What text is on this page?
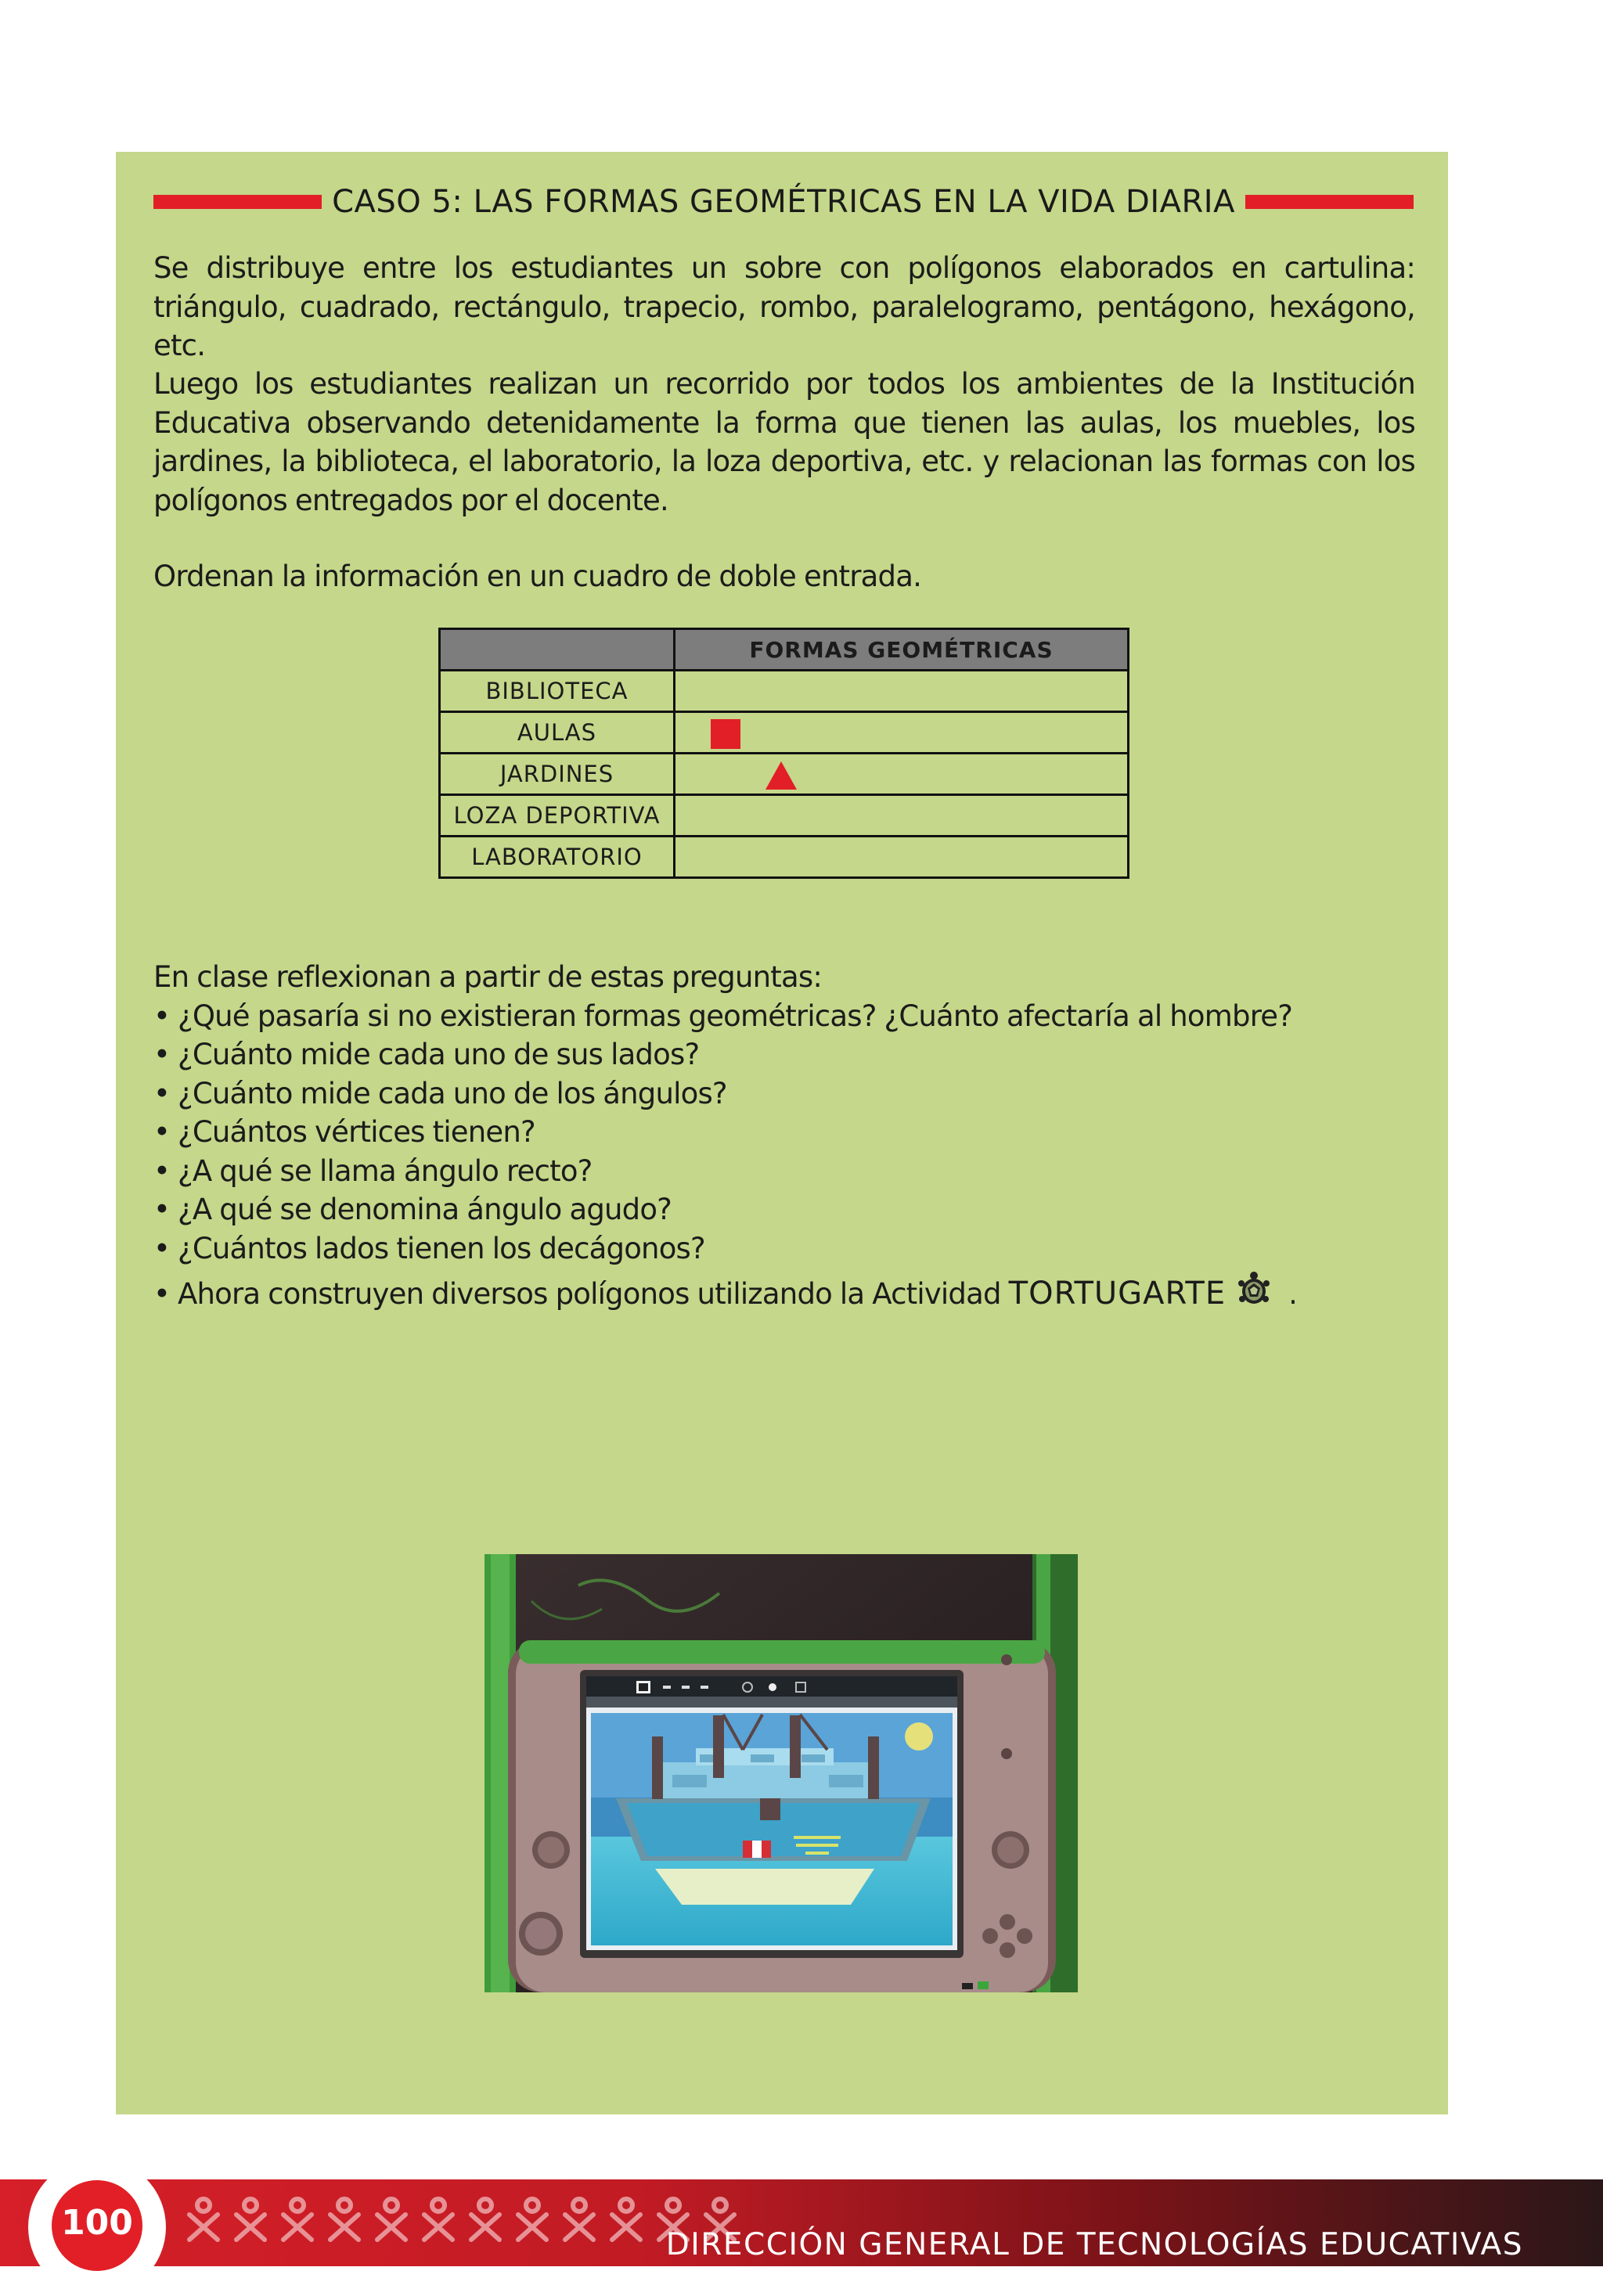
CASO 5: LAS FORMAS GEOMÉTRICAS EN LA VIDA DIARIA

Se distribuye entre los estudiantes un sobre con polígonos elaborados en cartulina: triángulo, cuadrado, rectángulo, trapecio, rombo, paralelogramo, pentágono, hexágono, etc.

Luego los estudiantes realizan un recorrido por todos los ambientes de la Institución Educativa observando detenidamente la forma que tienen las aulas, los muebles, los jardines, la biblioteca, el laboratorio, la loza deportiva, etc. y relacionan las formas con los polígonos entregados por el docente.

Ordenan la información en un cuadro de doble entrada.

	FORMAS GEOMÉTRICAS
BIBLIOTECA	
AULAS	

JARDINES	

LOZA DEPORTIVA	
LABORATORIO	
En clase reflexionan a partir de estas preguntas:
• ¿Qué pasaría si no existieran formas geométricas? ¿Cuánto afectaría al hombre?
• ¿Cuánto mide cada uno de sus lados?
• ¿Cuánto mide cada uno de los ángulos?
• ¿Cuántos vértices tienen?
• ¿A qué se llama ángulo recto?
• ¿A qué se denomina ángulo agudo?
• ¿Cuántos lados tienen los decágonos?
• Ahora construyen diversos polígonos utilizando la Actividad TORTUGARTE .
100
DIRECCIÓN GENERAL DE TECNOLOGÍAS EDUCATIVAS
